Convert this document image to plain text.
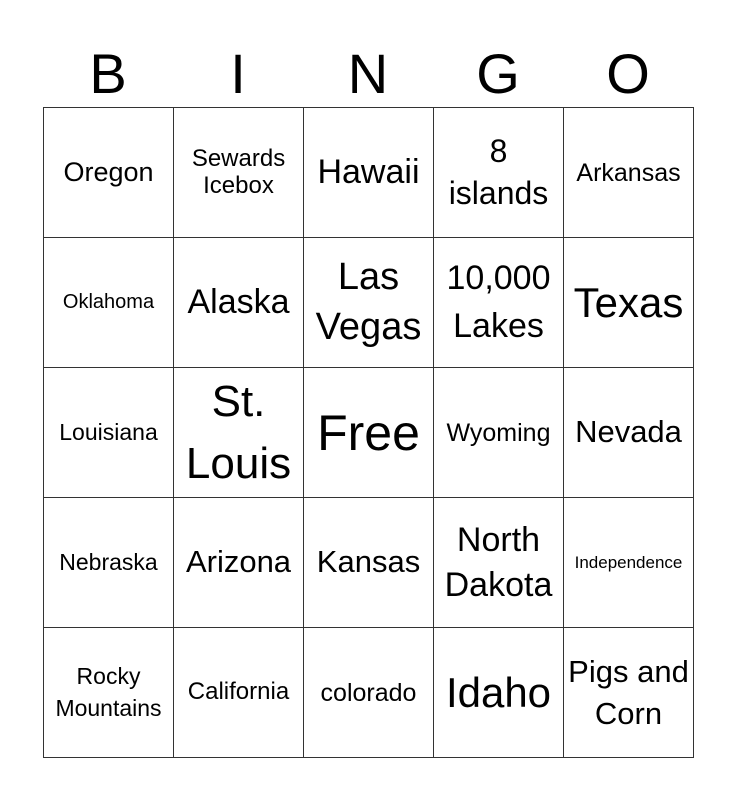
B	I	N	G	O
Oregon	Sewards Icebox	Hawaii	8 islands	Arkansas

Oklahoma	Alaska	Las Vegas	10,000 Lakes	Texas

Louisiana	St. Louis	Free	Wyoming	Nevada

Nebraska	Arizona	Kansas	North Dakota	Independence

Rocky Mountains	California	colorado	Idaho	Pigs and Corn
